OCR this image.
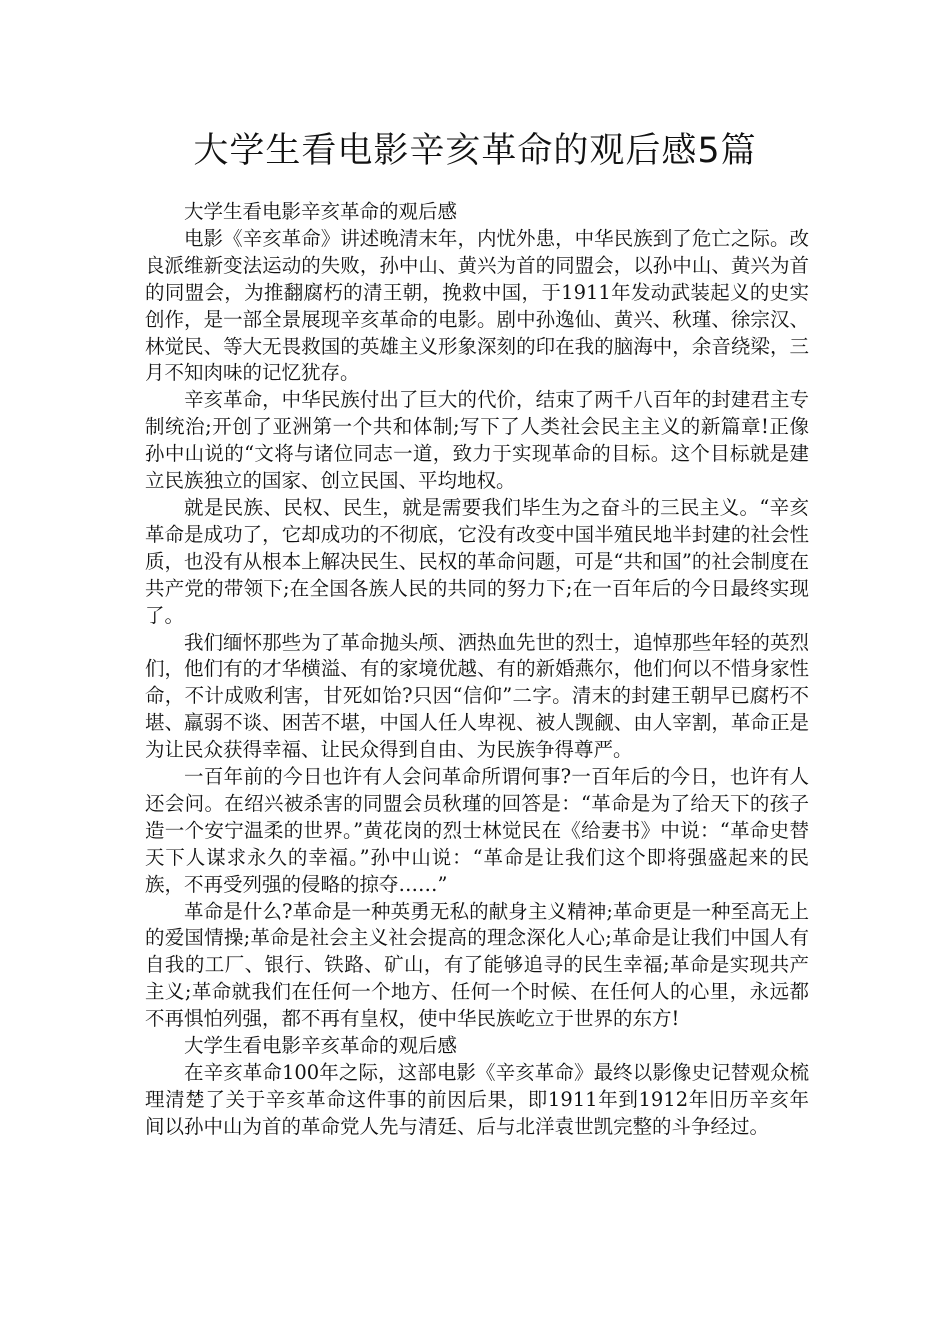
大学生看电影辛亥革命的观后感5篇

大学生看电影辛亥革命的观后感

电影《辛亥革命》讲述晚清末年，内忧外患，中华民族到了危亡之际。改良派维新变法运动的失败，孙中山、黄兴为首的同盟会，以孙中山、黄兴为首的同盟会，为推翻腐朽的清王朝，挽救中国，于1911年发动武装起义的史实创作，是一部全景展现辛亥革命的电影。剧中孙逸仙、黄兴、秋瑾、徐宗汉、林觉民、等大无畏救国的英雄主义形象深刻的印在我的脑海中，余音绕梁，三月不知肉味的记忆犹存。

辛亥革命，中华民族付出了巨大的代价，结束了两千八百年的封建君主专制统治;开创了亚洲第一个共和体制;写下了人类社会民主主义的新篇章!正像孙中山说的“文将与诸位同志一道，致力于实现革命的目标。这个目标就是建立民族独立的国家、创立民国、平均地权。

就是民族、民权、民生，就是需要我们毕生为之奋斗的三民主义。“辛亥革命是成功了，它却成功的不彻底，它没有改变中国半殖民地半封建的社会性质，也没有从根本上解决民生、民权的革命问题，可是“共和国”的社会制度在共产党的带领下;在全国各族人民的共同的努力下;在一百年后的今日最终实现了。

我们缅怀那些为了革命抛头颅、洒热血先世的烈士，追悼那些年轻的英烈们，他们有的才华横溢、有的家境优越、有的新婚燕尔，他们何以不惜身家性命，不计成败利害，甘死如饴?只因“信仰”二字。清末的封建王朝早已腐朽不堪、羸弱不谈、困苦不堪，中国人任人卑视、被人觊觎、由人宰割，革命正是为让民众获得幸福、让民众得到自由、为民族争得尊严。

一百年前的今日也许有人会问革命所谓何事?一百年后的今日，也许有人还会问。在绍兴被杀害的同盟会员秋瑾的回答是：“革命是为了给天下的孩子造一个安宁温柔的世界。”黄花岗的烈士林觉民在《给妻书》中说：“革命史替天下人谋求永久的幸福。”孙中山说：“革命是让我们这个即将强盛起来的民族，不再受列强的侵略的掠夺……”

革命是什么?革命是一种英勇无私的献身主义精神;革命更是一种至高无上的爱国情操;革命是社会主义社会提高的理念深化人心;革命是让我们中国人有自我的工厂、银行、铁路、矿山，有了能够追寻的民生幸福;革命是实现共产主义;革命就我们在任何一个地方、任何一个时候、在任何人的心里，永远都不再惧怕列强，都不再有皇权，使中华民族屹立于世界的东方!

大学生看电影辛亥革命的观后感

在辛亥革命100年之际，这部电影《辛亥革命》最终以影像史记替观众梳理清楚了关于辛亥革命这件事的前因后果，即1911年到1912年旧历辛亥年间以孙中山为首的革命党人先与清廷、后与北洋袁世凯完整的斗争经过。
